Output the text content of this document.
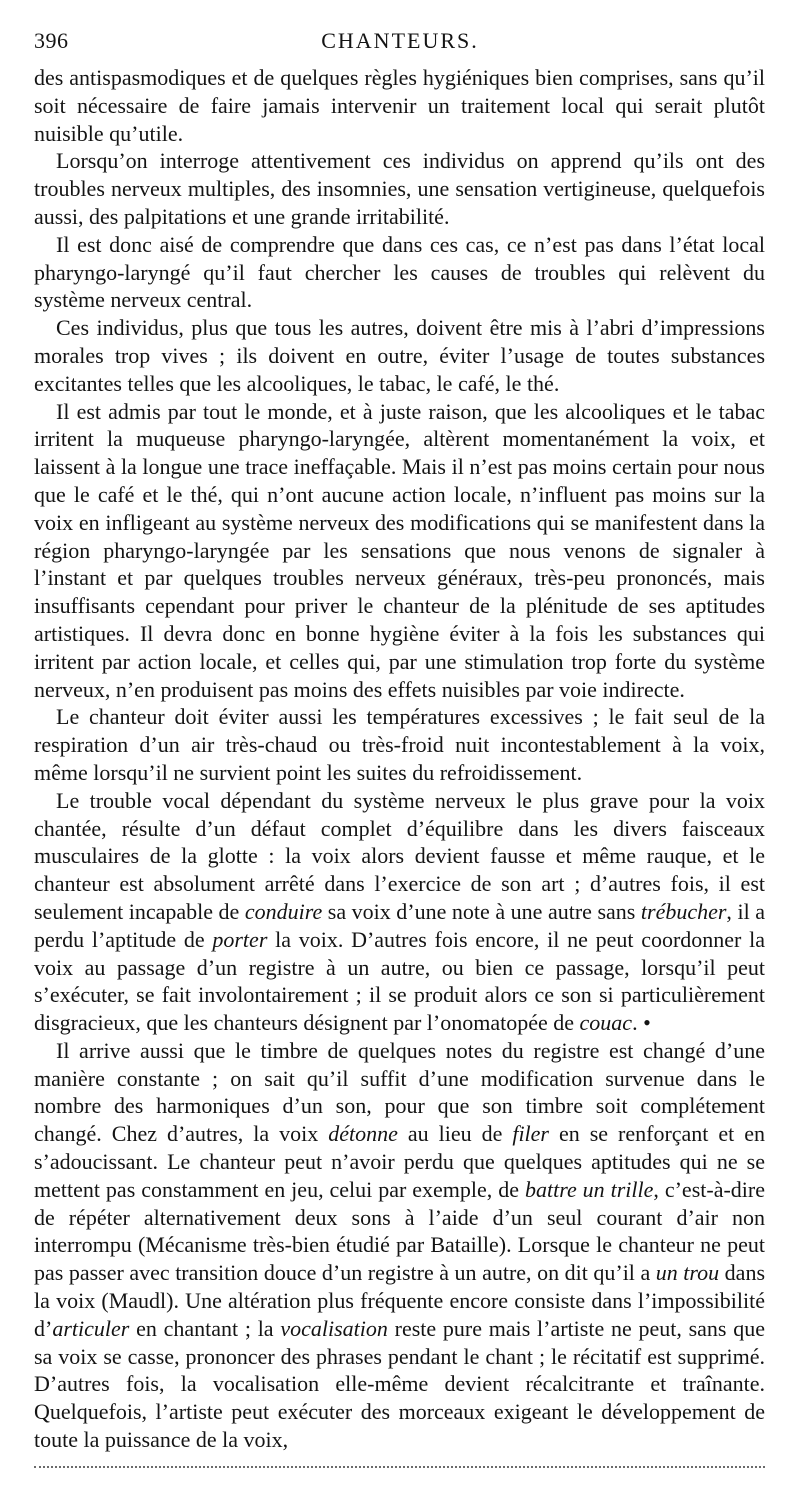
396	CHANTEURS.

des antispasmodiques et de quelques règles hygiéniques bien comprises, sans qu’il soit nécessaire de faire jamais intervenir un traitement local qui serait plutôt nuisible qu’utile.

Lorsqu’on interroge attentivement ces individus on apprend qu’ils ont des troubles nerveux multiples, des insomnies, une sensation vertigineuse, quelquefois aussi, des palpitations et une grande irritabilité.

Il est donc aisé de comprendre que dans ces cas, ce n’est pas dans l’état local pharyngo-laryngé qu’il faut chercher les causes de troubles qui relèvent du système nerveux central.

Ces individus, plus que tous les autres, doivent être mis à l’abri d’impressions morales trop vives ; ils doivent en outre, éviter l’usage de toutes substances excitantes telles que les alcooliques, le tabac, le café, le thé.

Il est admis par tout le monde, et à juste raison, que les alcooliques et le tabac irritent la muqueuse pharyngo-laryngée, altèrent momentanément la voix, et laissent à la longue une trace ineffaçable. Mais il n’est pas moins certain pour nous que le café et le thé, qui n’ont aucune action locale, n’influent pas moins sur la voix en infligeant au système nerveux des modifications qui se manifestent dans la région pharyngo-laryngée par les sensations que nous venons de signaler à l’instant et par quelques troubles nerveux généraux, très-peu prononcés, mais insuffisants cependant pour priver le chanteur de la plénitude de ses aptitudes artistiques. Il devra donc en bonne hygiène éviter à la fois les substances qui irritent par action locale, et celles qui, par une stimulation trop forte du système nerveux, n’en produisent pas moins des effets nuisibles par voie indirecte.

Le chanteur doit éviter aussi les températures excessives ; le fait seul de la respiration d’un air très-chaud ou très-froid nuit incontestablement à la voix, même lorsqu’il ne survient point les suites du refroidissement.

Le trouble vocal dépendant du système nerveux le plus grave pour la voix chantée, résulte d’un défaut complet d’équilibre dans les divers faisceaux musculaires de la glotte : la voix alors devient fausse et même rauque, et le chanteur est absolument arrêté dans l’exercice de son art ; d’autres fois, il est seulement incapable de conduire sa voix d’une note à une autre sans trébucher, il a perdu l’aptitude de porter la voix. D’autres fois encore, il ne peut coordonner la voix au passage d’un registre à un autre, ou bien ce passage, lorsqu’il peut s’exécuter, se fait involontairement ; il se produit alors ce son si particulièrement disgracieux, que les chanteurs désignent par l’onomatopée de couac. •

Il arrive aussi que le timbre de quelques notes du registre est changé d’une manière constante ; on sait qu’il suffit d’une modification survenue dans le nombre des harmoniques d’un son, pour que son timbre soit complétement changé. Chez d’autres, la voix détonne au lieu de filer en se renforçant et en s’adoucissant. Le chanteur peut n’avoir perdu que quelques aptitudes qui ne se mettent pas constamment en jeu, celui par exemple, de battre un trille, c’est-à-dire de répéter alternativement deux sons à l’aide d’un seul courant d’air non interrompu (Mécanisme très-bien étudié par Bataille). Lorsque le chanteur ne peut pas passer avec transition douce d’un registre à un autre, on dit qu’il a un trou dans la voix (Maudl). Une altération plus fréquente encore consiste dans l’impossibilité d’articuler en chantant ; la vocalisation reste pure mais l’artiste ne peut, sans que sa voix se casse, prononcer des phrases pendant le chant ; le récitatif est supprimé. D’autres fois, la vocalisation elle-même devient récalcitrante et traînante. Quelquefois, l’artiste peut exécuter des morceaux exigeant le développement de toute la puissance de la voix,
